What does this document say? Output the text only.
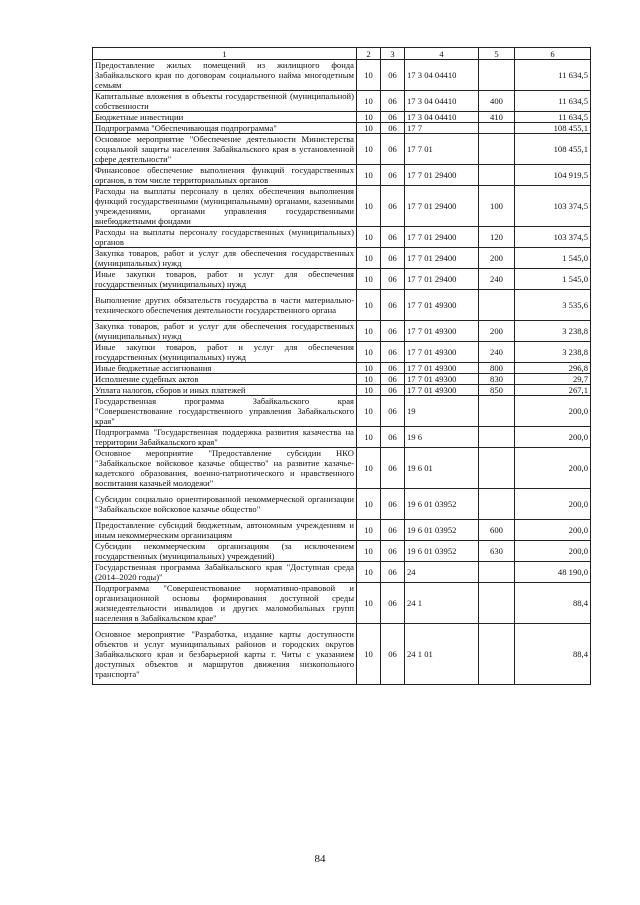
1	2	3	4	5	6
Предоставление жилых помещений из жилищного фонда Забайкальского края по договорам социального найма многодетным семьям	10	06	17 3 04 04410		11 634,5
Капитальные вложения в объекты государственной (муниципальной) собственности	10	06	17 3 04 04410	400	11 634,5
Бюджетные инвестиции	10	06	17 3 04 04410	410	11 634,5
Подпрограмма "Обеспечивающая подпрограмма"	10	06	17 7		108 455,1
Основное мероприятие "Обеспечение деятельности Министерства социальной защиты населения Забайкальского края в установленной сфере деятельности"	10	06	17 7 01		108 455,1
Финансовое обеспечение выполнения функций государственных органов, в том числе территориальных органов	10	06	17 7 01 29400		104 919,5
Расходы на выплаты персоналу в целях обеспечения выполнения функций государственными (муниципальными) органами, казенными учреждениями, органами управления государственными внебюджетными фондами	10	06	17 7 01 29400	100	103 374,5
Расходы на выплаты персоналу государственных (муниципальных) органов	10	06	17 7 01 29400	120	103 374,5
Закупка товаров, работ и услуг для обеспечения государственных (муниципальных) нужд	10	06	17 7 01 29400	200	1 545,0
Иные закупки товаров, работ и услуг для обеспечения государственных (муниципальных) нужд	10	06	17 7 01 29400	240	1 545,0
Выполнение других обязательств государства в части материально-технического обеспечения деятельности государственного органа	10	06	17 7 01 49300		3 535,6
Закупка товаров, работ и услуг для обеспечения государственных (муниципальных) нужд	10	06	17 7 01 49300	200	3 238,8
Иные закупки товаров, работ и услуг для обеспечения государственных (муниципальных) нужд	10	06	17 7 01 49300	240	3 238,8
Иные бюджетные ассигнования	10	06	17 7 01 49300	800	296,8
Исполнение судебных актов	10	06	17 7 01 49300	830	29,7
Уплата налогов, сборов и иных платежей	10	06	17 7 01 49300	850	267,1
Государственная программа Забайкальского края "Совершенствование государственного управления Забайкальского края"	10	06	19		200,0
Подпрограмма "Государственная поддержка развития казачества на территории Забайкальского края"	10	06	19 6		200,0
Основное мероприятие "Предоставление субсидии НКО "Забайкальское войсковое казачье общество" на развитие казачье-кадетского образования, военно-патриотического и нравственного воспитания казачьей молодежи"	10	06	19 6 01		200,0
Субсидии социально ориентированной некоммерческой организации "Забайкальское войсковое казачье общество"	10	06	19 6 01 03952		200,0
Предоставление субсидий бюджетным, автономным учреждениям и иным некоммерческим организациям	10	06	19 6 01 03952	600	200,0
Субсидии некоммерческим организациям (за исключением государственных (муниципальных) учреждений)	10	06	19 6 01 03952	630	200,0
Государственная программа Забайкальского края "Доступная среда (2014–2020 годы)"	10	06	24		48 190,0
Подпрограмма "Совершенствование нормативно-правовой и организационной основы формирования доступной среды жизнедеятельности инвалидов и других маломобильных групп населения в Забайкальском крае"	10	06	24 1		88,4
Основное мероприятие "Разработка, издание карты доступности объектов и услуг муниципальных районов и городских округов Забайкальского края и безбарьерной карты г. Читы с указанием доступных объектов и маршрутов движения низкопольного транспорта"	10	06	24 1 01		88,4
84
